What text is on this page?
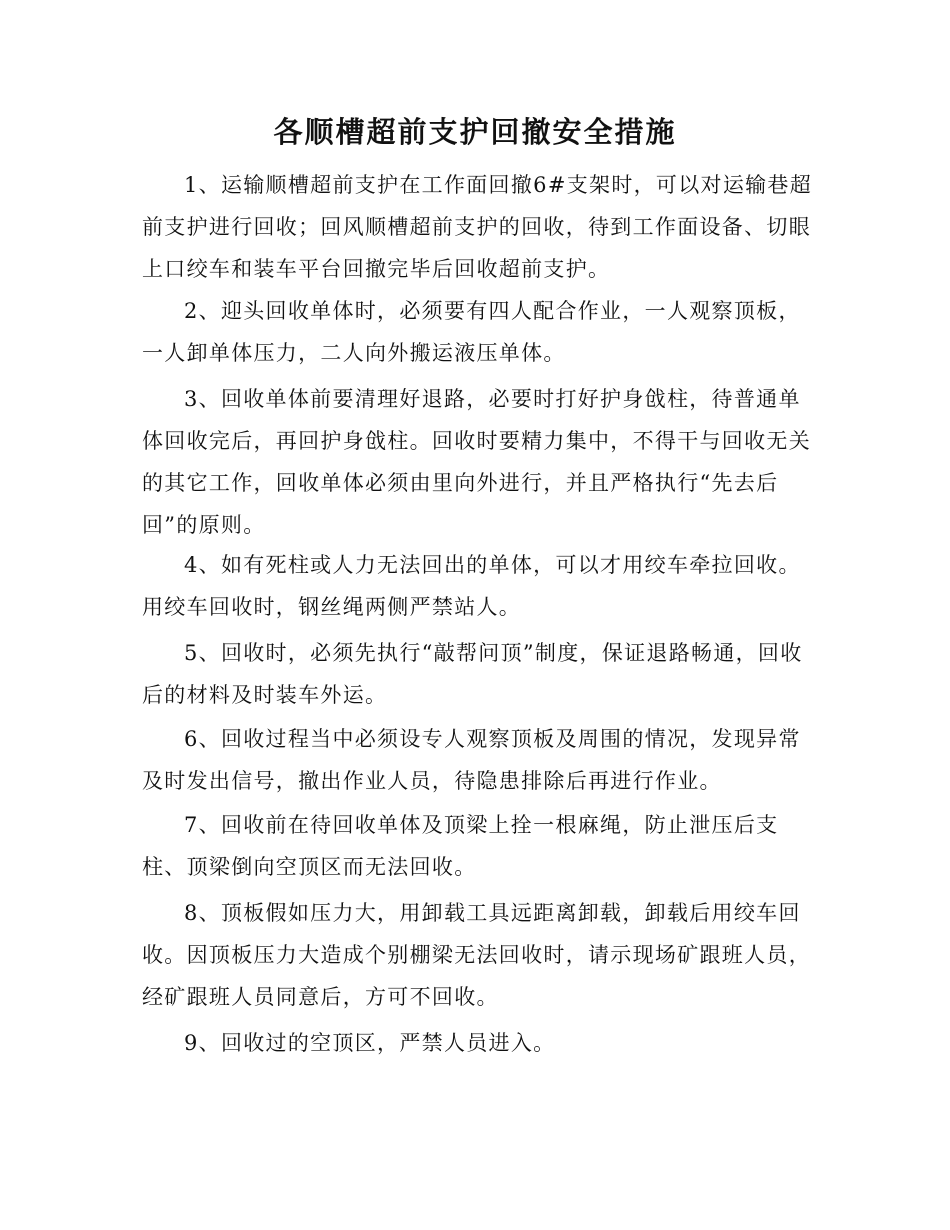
各顺槽超前支护回撤安全措施

1、运输顺槽超前支护在工作面回撤6#支架时，可以对运输巷超前支护进行回收；回风顺槽超前支护的回收，待到工作面设备、切眼上口绞车和装车平台回撤完毕后回收超前支护。

2、迎头回收单体时，必须要有四人配合作业，一人观察顶板，一人卸单体压力，二人向外搬运液压单体。

3、回收单体前要清理好退路，必要时打好护身戗柱，待普通单体回收完后，再回护身戗柱。回收时要精力集中，不得干与回收无关的其它工作，回收单体必须由里向外进行，并且严格执行“先去后回”的原则。

4、如有死柱或人力无法回出的单体，可以才用绞车牵拉回收。用绞车回收时，钢丝绳两侧严禁站人。

5、回收时，必须先执行“敲帮问顶”制度，保证退路畅通，回收后的材料及时装车外运。

6、回收过程当中必须设专人观察顶板及周围的情况，发现异常及时发出信号，撤出作业人员，待隐患排除后再进行作业。

7、回收前在待回收单体及顶梁上拴一根麻绳，防止泄压后支柱、顶梁倒向空顶区而无法回收。

8、顶板假如压力大，用卸载工具远距离卸载，卸载后用绞车回收。因顶板压力大造成个别棚梁无法回收时，请示现场矿跟班人员，经矿跟班人员同意后，方可不回收。

9、回收过的空顶区，严禁人员进入。
